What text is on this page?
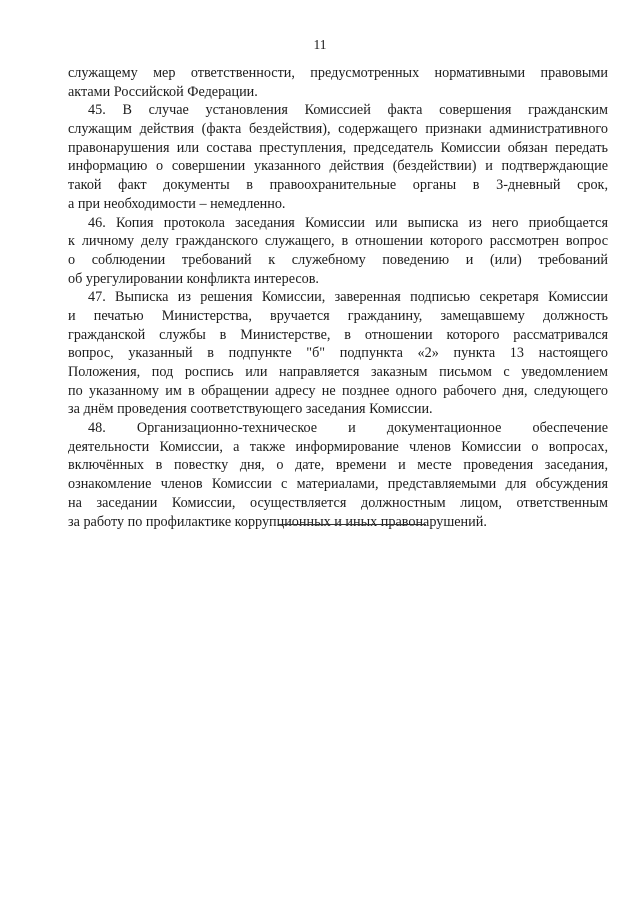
11
служащему мер ответственности, предусмотренных нормативными правовыми
актами Российской Федерации.
45. В случае установления Комиссией факта совершения гражданским
служащим действия (факта бездействия), содержащего признаки административного
правонарушения или состава преступления, председатель Комиссии обязан передать
информацию о совершении указанного действия (бездействии) и подтверждающие
такой факт документы в правоохранительные органы в 3-дневный срок,
а при необходимости – немедленно.
46. Копия протокола заседания Комиссии или выписка из него приобщается
к личному делу гражданского служащего, в отношении которого рассмотрен вопрос
о соблюдении требований к служебному поведению и (или) требований
об урегулировании конфликта интересов.
47. Выписка из решения Комиссии, заверенная подписью секретаря Комиссии
и печатью Министерства, вручается гражданину, замещавшему должность
гражданской службы в Министерстве, в отношении которого рассматривался
вопрос, указанный в подпункте "б" подпункта «2» пункта 13 настоящего
Положения, под роспись или направляется заказным письмом с уведомлением
по указанному им в обращении адресу не позднее одного рабочего дня, следующего
за днём проведения соответствующего заседания Комиссии.
48. Организационно-техническое и документационное обеспечение
деятельности Комиссии, а также информирование членов Комиссии о вопросах,
включённых в повестку дня, о дате, времени и месте проведения заседания,
ознакомление членов Комиссии с материалами, представляемыми для обсуждения
на заседании Комиссии, осуществляется должностным лицом, ответственным
за работу по профилактике коррупционных и иных правонарушений.
